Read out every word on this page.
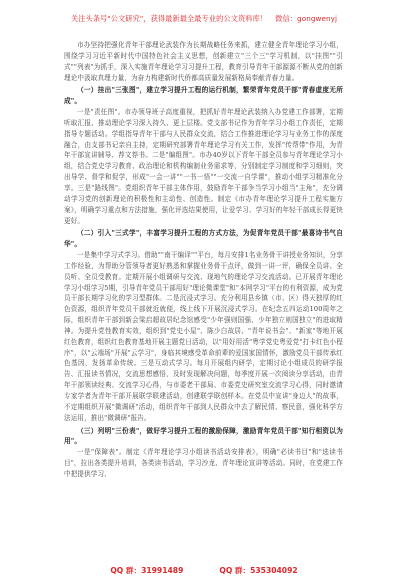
关注头条号"公文研究"，获得最新最全最专业的公文资料库！ 微信：gongwenyj

市办坚持把强化青年干部理论武装作为长期战略任务来抓，建立健全青年理论学习小组，围绕学习习近平新时代中国特色社会主义思想，创新建立"三个三"学习机制，以"挂图""引式""列表"为抓手，深入实施青年理论学习习提升工程，教育引导青年干部源源不断从党的创新理论中汲取真理力量，为奋力构建新时代侨都高质量发展新格局奉献青春力量。

（一）挂出"三张图"，建立学习提升工程的运行机制，繁荣青年党员干部"青春虚度无所成"。

一是"责任图"。市办领导班子高度重视，把抓好青年理论武装纳入办党建工作部署，定期听取汇报、推动理论学习深入持久、更上层楼。党支部书记作为青年学习小组工作责任，定期指导专题活动。学组指导青年干部与人民群众交流，结合工作推进理论学习与业务工作的深度融合，由支部书记亲自主持，定期研究部署青年理论学习有关工作，发挥"传帮带"作用，为青年干部宣讲辅导、荐文荐书。二是"编组图"。市办40岁以下青年干部全员参与青年理论学习小组，结合党史学习教育、政治理论和机构编制业务需求等，分别制定学习制度和学习细则，突出导学、督学和促学，形成"一会一讲""一书一悟""一交流一自学课"，推动小组学习精准化分享。三是"路线图"。党组织青年干部主体作用，鼓励青年干部争当学习小组当"主角"，充分调动学习党的创新理论的积极性和主动性、创造性。制定《市办青年理论学习提升工程实施方案》，明确学习重点和方法措施，强化评选结果使用，让爱学习、学习好的年轻干部成长得更快更好。

（二）引入"三式学"，丰富学习提升工程的方式方法，为促青年党员干部"最喜诗书气自华"。

一是集中学习式学习。借助""南干编译""平台，每月安排1名业务骨干讲授业务知识，分享工作经验，为帮助分管领导者更好熟悉和掌握业务骨干点评，做到一讲一评，确保全员讲、全员听、全员受教育。定期开展小组调研与交流、现地气的理论学习交流活动。已开展青年理论学习小组学习5期，引导青年党员干部用好"理论微课堂"和"本网学习"平台的有利资源，成为党员干部长期学习化的学习型群体。二是沉浸式学习。充分利用县乡镇（市、区）得天独厚的红色资源，组织青年党员干部就近就便，线上线下开展沉浸式学习。在纪念五四运动100周年之际，组织青年干部到新会梁启超故居纪念馆感受"少年强则国强、少年独立则国独立"的进取精神。为提升党性教育实效，组织到"党史小屋"、陈少白故居、"青年说书会"、"新家"等地开展红色教育，组织红色教育基地开展主题党日活动，以"用好用活"粤学党史粤爱党"打卡红色小程序"，以"云端场"开展"云学习"，身临其境感受革命前辈的爱国家国情怀，激励党员干部传承红色基因，发扬革命传统。三是互动式学习。每月开展组内研学，定期讨论小组成员的研学报告、汇报读书情况，交流思想感悟，及时发现解决问题，每季度开展一次阅读分享活动，由青年干部领读经典、交流学习心得，与市委老干部局、市委党史研究室交流学习心得，同时邀请专家学者为青年干部开展联学联建活动，创建联学联创样本。在党员中宣讲"身边人"的故事，不定期组织开展"微调研"活动，组织青年干部到人民群众中去了解民情、察民意，强化科学方法运用，推出"微调研"报告。

（三）列明"三份表"，做好学习提升工程的激励保障，激励青年党员干部"知行相资以为用"。

一是"保障表"。制定《青年理论学习小组读书活动安排表》，明确"必读书目"和"选读书目"，拉出各类提升培训，各类读书活动，学习沙龙、青年理论宣讲等活动。同时，在党建工作中把提供学习、

QQ 群：31991489	QQ 群：535304092
